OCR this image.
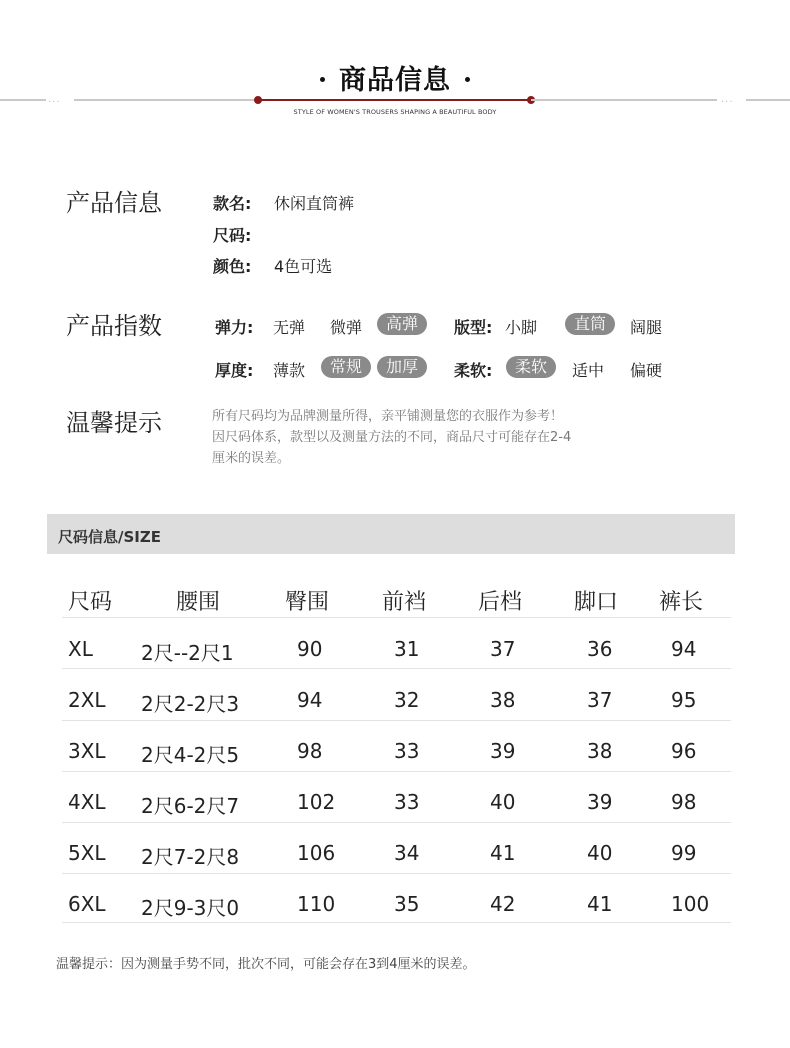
商品信息
···	···
STYLE OF WOMEN'S TROUSERS SHAPING A BEAUTIFUL BODY
产品信息	款名: 休闲直筒裤
尺码:
颜色: 4色可选
产品指数	弹力: 无弹 微弹	高弹	版型: 小脚	直筒	阔腿
厚度: 薄款	常规	加厚	柔软:	柔软	适中 偏硬
温馨提示	所有尺码均为品牌测量所得，亲平铺测量您的衣服作为参考！
因尺码体系，款型以及测量方法的不同，商品尺寸可能存在2-4
厘米的误差。
尺码信息/SIZE
尺码	腰围	臀围 前裆 后档 脚口 裤长
XL 2尺--2尺1	90	31	37	36	94
2XL 2尺2-2尺3	94	32	38	37	95
3XL 2尺4-2尺5	98	33	39	38	96
4XL 2尺6-2尺7	102	33	40	39	98
5XL 2尺7-2尺8	106	34	41	40	99
6XL 2尺9-3尺0	110	35	42	41	100
温馨提示：因为测量手势不同，批次不同，可能会存在3到4厘米的误差。
